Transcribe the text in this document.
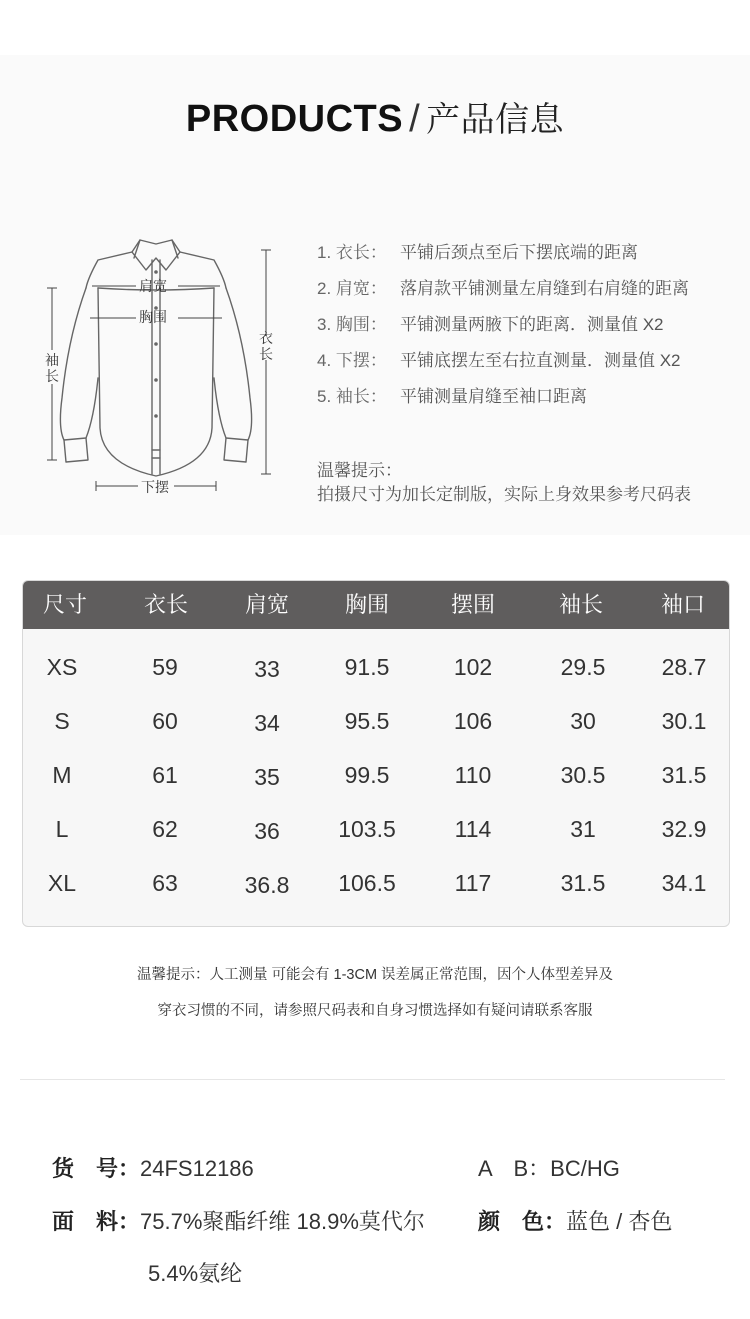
PRODUCTS / 产品信息
肩宽
胸围
袖长
衣长
下摆
1. 衣长： 平铺后颈点至后下摆底端的距离
2. 肩宽： 落肩款平铺测量左肩缝到右肩缝的距离
3. 胸围： 平铺测量两腋下的距离．测量值 X2
4. 下摆： 平铺底摆左至右拉直测量．测量值 X2
5. 袖长： 平铺测量肩缝至袖口距离
温馨提示：
拍摄尺寸为加长定制版，实际上身效果参考尺码表
尺寸	衣长	肩宽	胸围	摆围	袖长	袖口
XS	59	33	91.5	102	29.5	28.7
S	60	34	95.5	106	30	30.1
M	61	35	99.5	110	30.5	31.5
L	62	36	103.5	114	31	32.9
XL	63	36.8	106.5	117	31.5	34.1
温馨提示：人工测量 可能会有 1-3CM 误差属正常范围，因个人体型差异及
穿衣习惯的不同，请参照尺码表和自身习惯选择如有疑问请联系客服
货　号：24FS12186	A　B：BC/HG
面　料：75.7%聚酯纤维 18.9%莫代尔 颜　色：蓝色 / 杏色
5.4%氨纶
